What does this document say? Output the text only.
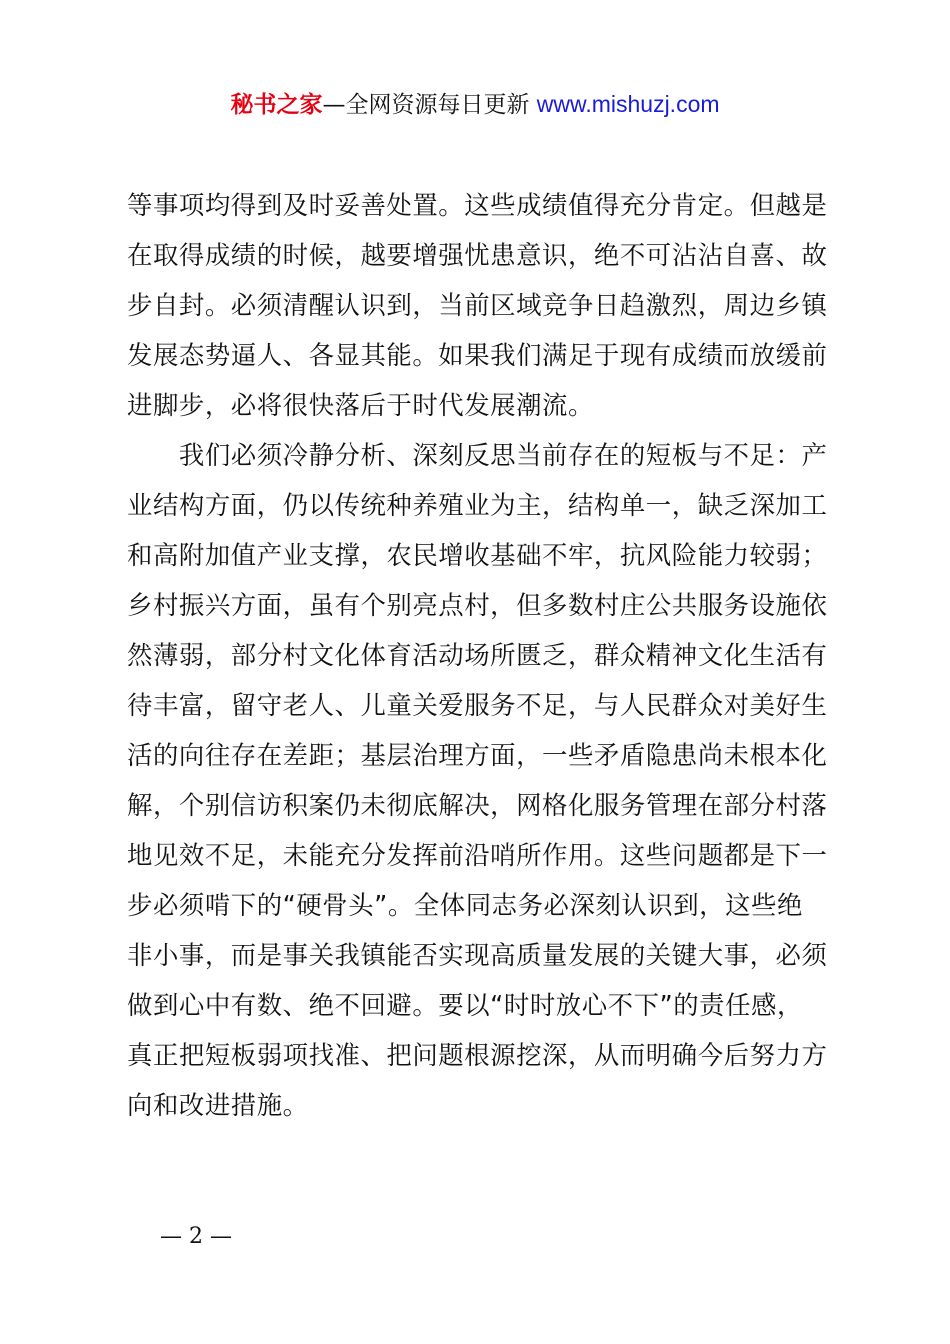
秘书之家—全网资源每日更新 www.mishuzj.com
等事项均得到及时妥善处置。这些成绩值得充分肯定。但越是
在取得成绩的时候，越要增强忧患意识，绝不可沾沾自喜、故
步自封。必须清醒认识到，当前区域竞争日趋激烈，周边乡镇
发展态势逼人、各显其能。如果我们满足于现有成绩而放缓前
进脚步，必将很快落后于时代发展潮流。
　　我们必须冷静分析、深刻反思当前存在的短板与不足：产
业结构方面，仍以传统种养殖业为主，结构单一，缺乏深加工
和高附加值产业支撑，农民增收基础不牢，抗风险能力较弱；
乡村振兴方面，虽有个别亮点村，但多数村庄公共服务设施依
然薄弱，部分村文化体育活动场所匮乏，群众精神文化生活有
待丰富，留守老人、儿童关爱服务不足，与人民群众对美好生
活的向往存在差距；基层治理方面，一些矛盾隐患尚未根本化
解，个别信访积案仍未彻底解决，网格化服务管理在部分村落
地见效不足，未能充分发挥前沿哨所作用。这些问题都是下一
步必须啃下的“硬骨头”。全体同志务必深刻认识到，这些绝
非小事，而是事关我镇能否实现高质量发展的关键大事，必须
做到心中有数、绝不回避。要以“时时放心不下”的责任感，
真正把短板弱项找准、把问题根源挖深，从而明确今后努力方
向和改进措施。
— 2 —
